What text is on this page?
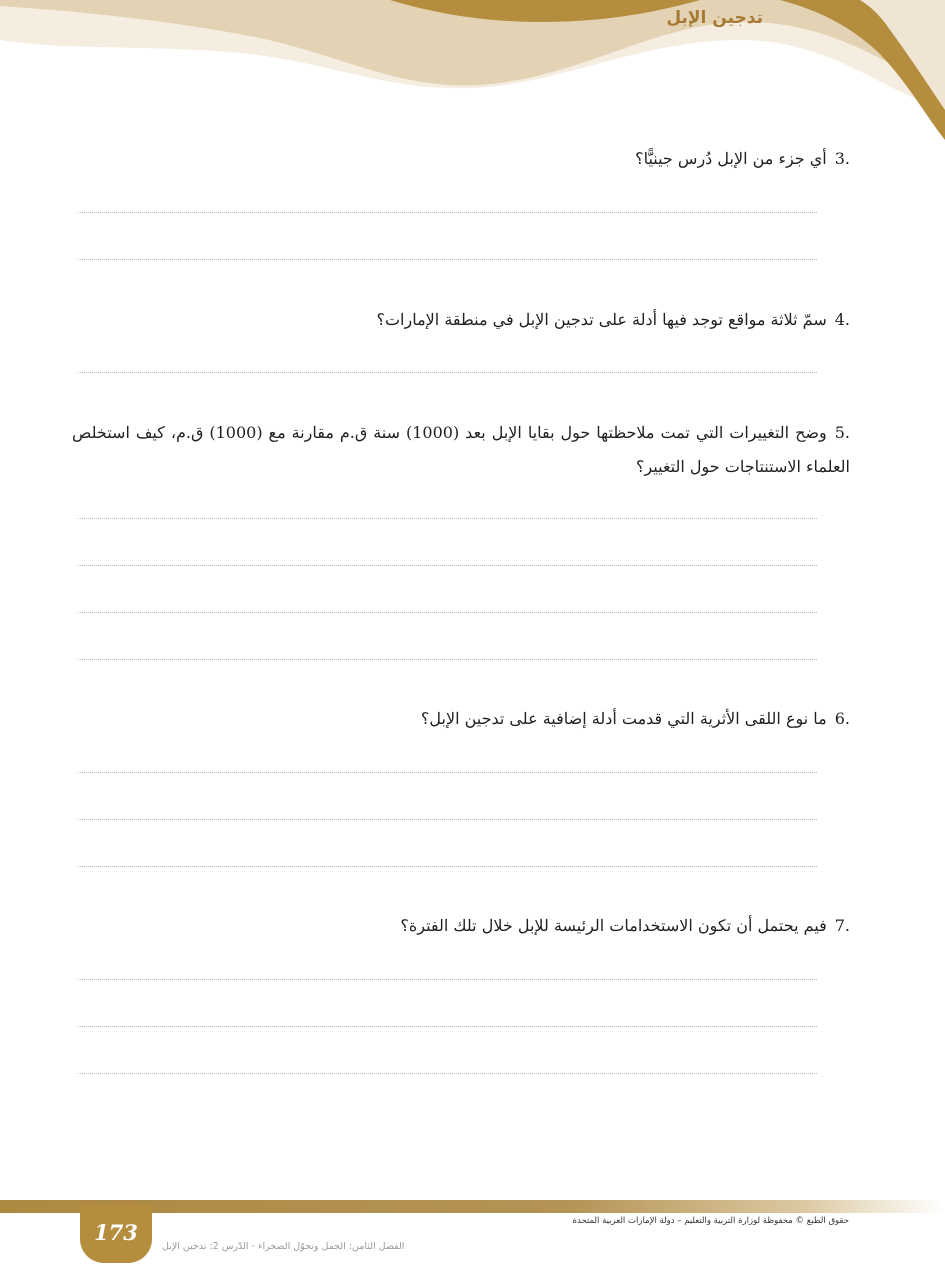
تدجين الإبل
3.أي جزء من الإبل دُرس جينيًّا؟
4.سمّ ثلاثة مواقع توجد فيها أدلة على تدجين الإبل في منطقة الإمارات؟
5.وضح التغييرات التي تمت ملاحظتها حول بقايا الإبل بعد (1000) سنة ق.م مقارنة مع (1000) ق.م، كيف استخلص العلماء الاستنتاجات حول التغيير؟
6.ما نوع اللقى الأثرية التي قدمت أدلة إضافية على تدجين الإبل؟
7.فيم يحتمل أن تكون الاستخدامات الرئيسة للإبل خلال تلك الفترة؟
173	حقوق الطبع © محفوظة لوزارة التربية والتعليم – دولة الإمارات العربية المتحدة
الفصل الثامن: الجمل وتحوّل الصحراء - الدّرس 2: تدجين الإبل
